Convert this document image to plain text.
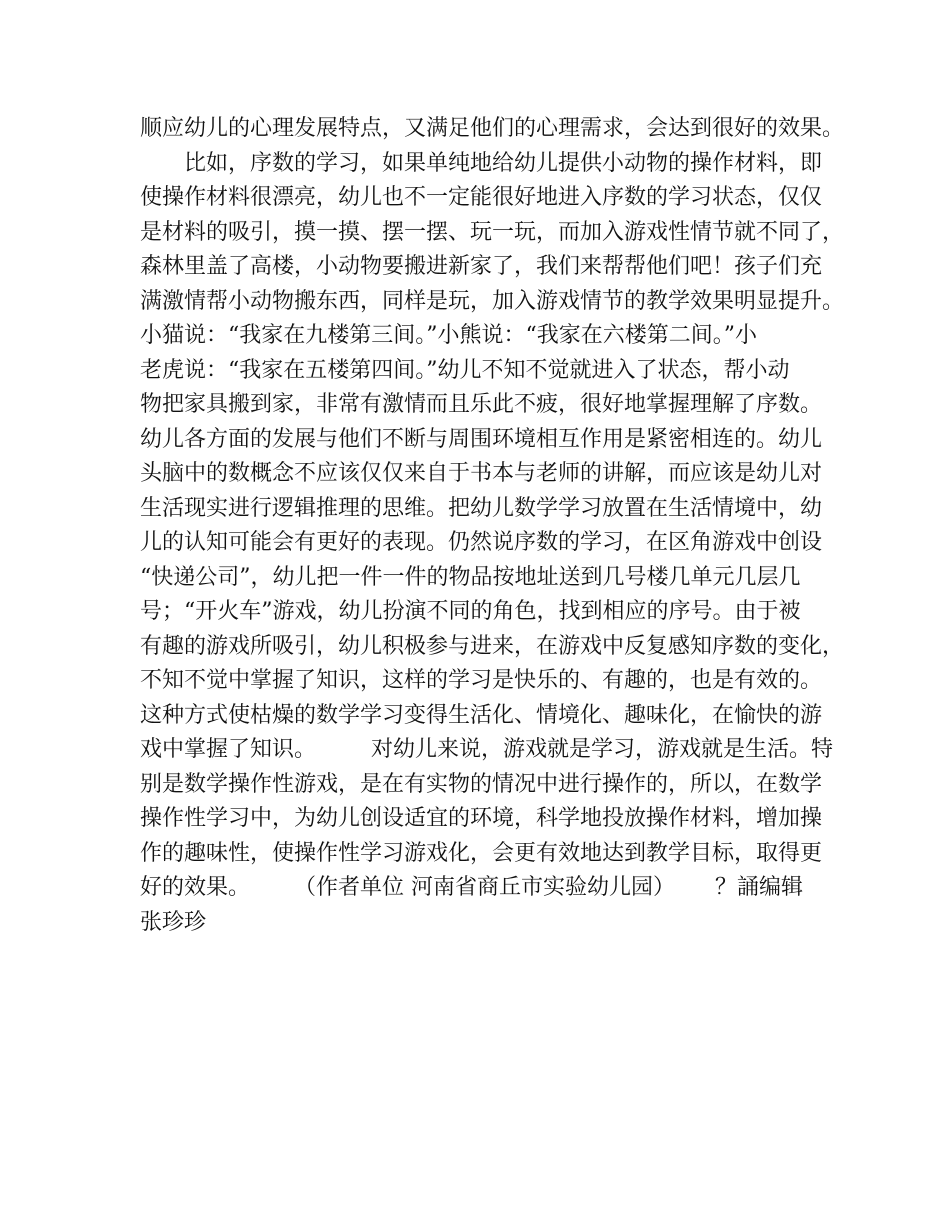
顺应幼儿的心理发展特点，又满足他们的心理需求，会达到很好的效果。
比如，序数的学习，如果单纯地给幼儿提供小动物的操作材料，即
使操作材料很漂亮，幼儿也不一定能很好地进入序数的学习状态，仅仅
是材料的吸引，摸一摸、摆一摆、玩一玩，而加入游戏性情节就不同了，
森林里盖了高楼，小动物要搬进新家了，我们来帮帮他们吧！孩子们充
满激情帮小动物搬东西，同样是玩，加入游戏情节的教学效果明显提升。
小猫说：“我家在九楼第三间。”小熊说：“我家在六楼第二间。”小
老虎说：“我家在五楼第四间。”幼儿不知不觉就进入了状态，帮小动
物把家具搬到家，非常有激情而且乐此不疲，很好地掌握理解了序数。
幼儿各方面的发展与他们不断与周围环境相互作用是紧密相连的。幼儿
头脑中的数概念不应该仅仅来自于书本与老师的讲解，而应该是幼儿对
生活现实进行逻辑推理的思维。把幼儿数学学习放置在生活情境中，幼
儿的认知可能会有更好的表现。仍然说序数的学习，在区角游戏中创设
“快递公司”，幼儿把一件一件的物品按地址送到几号楼几单元几层几
号；“开火车”游戏，幼儿扮演不同的角色，找到相应的序号。由于被
有趣的游戏所吸引，幼儿积极参与进来，在游戏中反复感知序数的变化，
不知不觉中掌握了知识，这样的学习是快乐的、有趣的，也是有效的。
这种方式使枯燥的数学学习变得生活化、情境化、趣味化，在愉快的游
戏中掌握了知识。　　　对幼儿来说，游戏就是学习，游戏就是生活。特
别是数学操作性游戏，是在有实物的情况中进行操作的，所以，在数学
操作性学习中，为幼儿创设适宜的环境，科学地投放操作材料，增加操
作的趣味性，使操作性学习游戏化，会更有效地达到教学目标，取得更
好的效果。　　　（作者单位 河南省商丘市实验幼儿园）　　 ？誦编辑
张珍珍
